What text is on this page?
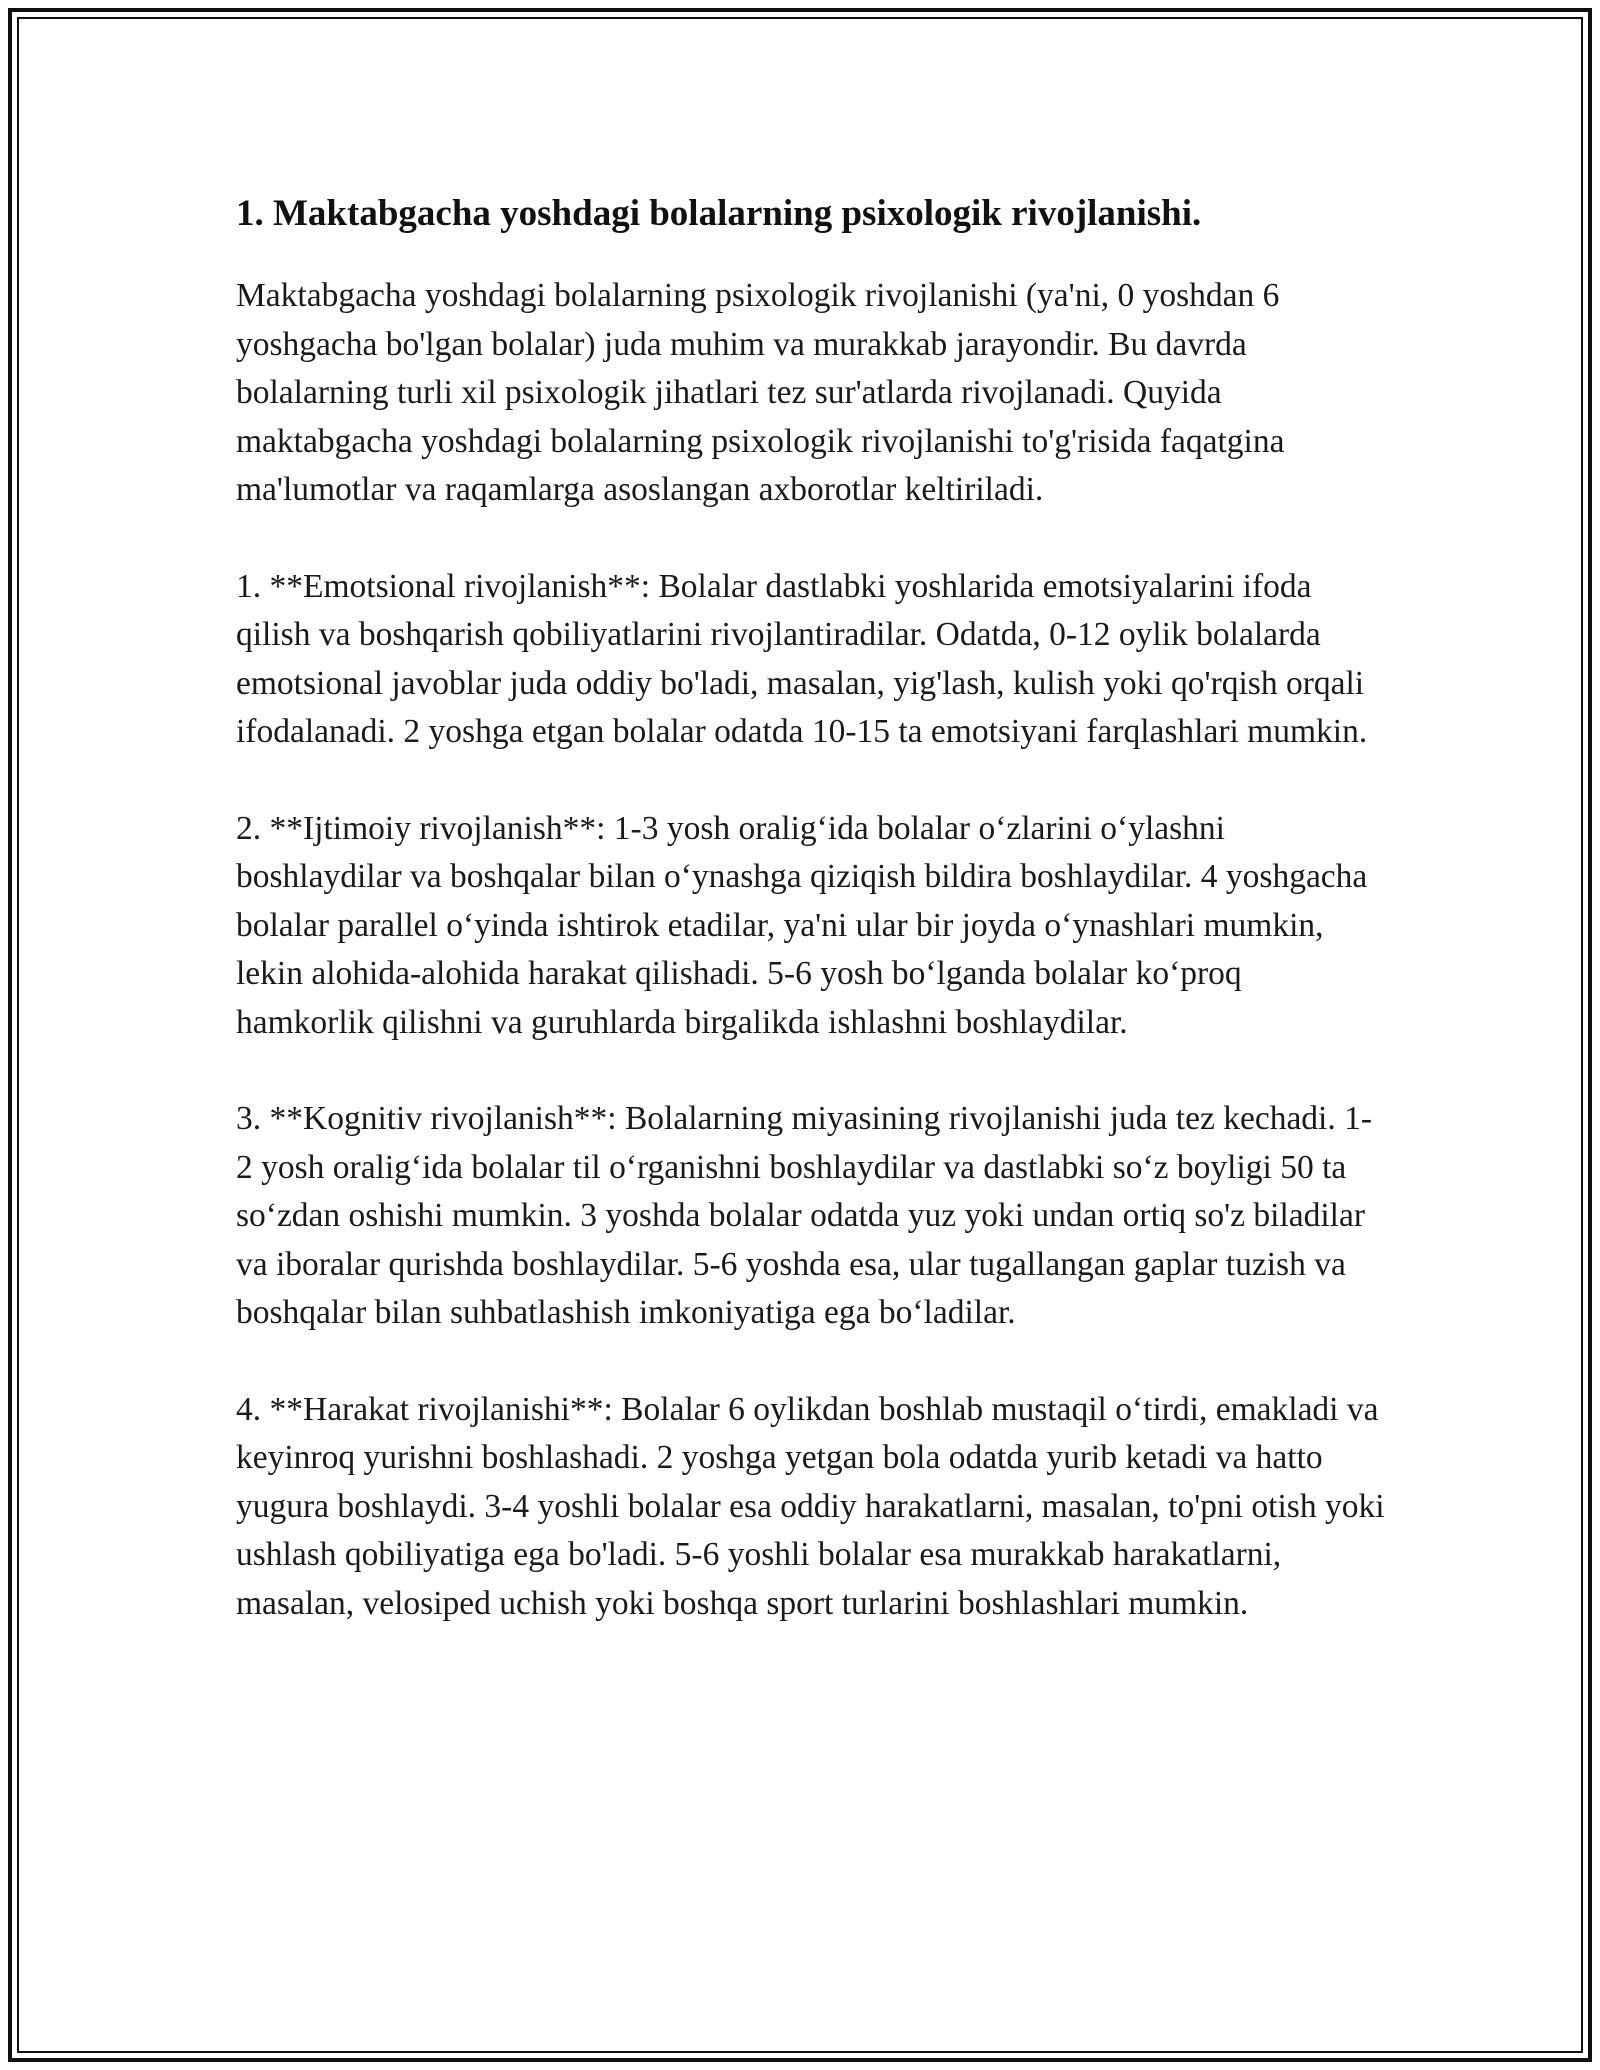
1. Maktabgacha yoshdagi bolalarning psixologik rivojlanishi.

Maktabgacha yoshdagi bolalarning psixologik rivojlanishi (ya'ni, 0 yoshdan 6 yoshgacha bo'lgan bolalar) juda muhim va murakkab jarayondir. Bu davrda bolalarning turli xil psixologik jihatlari tez sur'atlarda rivojlanadi. Quyida maktabgacha yoshdagi bolalarning psixologik rivojlanishi to'g'risida faqatgina ma'lumotlar va raqamlarga asoslangan axborotlar keltiriladi.

1. **Emotsional rivojlanish**: Bolalar dastlabki yoshlarida emotsiyalarini ifoda qilish va boshqarish qobiliyatlarini rivojlantiradilar. Odatda, 0-12 oylik bolalarda emotsional javoblar juda oddiy bo'ladi, masalan, yig'lash, kulish yoki qo'rqish orqali ifodalanadi. 2 yoshga etgan bolalar odatda 10-15 ta emotsiyani farqlashlari mumkin.

2. **Ijtimoiy rivojlanish**: 1-3 yosh oralig‘ida bolalar o‘zlarini o‘ylashni boshlaydilar va boshqalar bilan o‘ynashga qiziqish bildira boshlaydilar. 4 yoshgacha bolalar parallel o‘yinda ishtirok etadilar, ya'ni ular bir joyda o‘ynashlari mumkin, lekin alohida-alohida harakat qilishadi. 5-6 yosh bo‘lganda bolalar ko‘proq hamkorlik qilishni va guruhlarda birgalikda ishlashni boshlaydilar.

3. **Kognitiv rivojlanish**: Bolalarning miyasining rivojlanishi juda tez kechadi. 1-2 yosh oralig‘ida bolalar til o‘rganishni boshlaydilar va dastlabki so‘z boyligi 50 ta so‘zdan oshishi mumkin. 3 yoshda bolalar odatda yuz yoki undan ortiq so'z biladilar va iboralar qurishda boshlaydilar. 5-6 yoshda esa, ular tugallangan gaplar tuzish va boshqalar bilan suhbatlashish imkoniyatiga ega bo‘ladilar.

4. **Harakat rivojlanishi**: Bolalar 6 oylikdan boshlab mustaqil o‘tirdi, emakladi va keyinroq yurishni boshlashadi. 2 yoshga yetgan bola odatda yurib ketadi va hatto yugura boshlaydi. 3-4 yoshli bolalar esa oddiy harakatlarni, masalan, to'pni otish yoki ushlash qobiliyatiga ega bo'ladi. 5-6 yoshli bolalar esa murakkab harakatlarni, masalan, velosiped uchish yoki boshqa sport turlarini boshlashlari mumkin.
